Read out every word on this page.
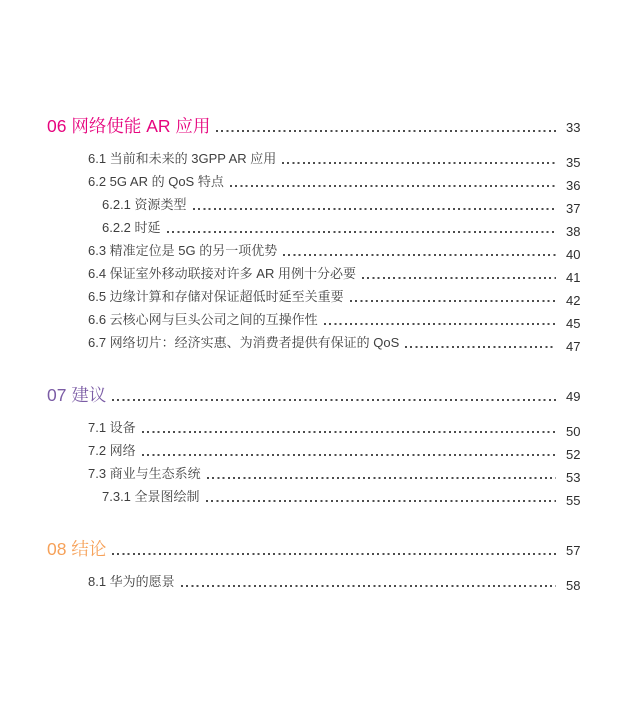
06 网络使能 AR 应用	33
6.1 当前和未来的 3GPP AR 应用	35
6.2 5G AR 的 QoS 特点	36
6.2.1 资源类型	37
6.2.2 时延	38
6.3 精准定位是 5G 的另一项优势	40
6.4 保证室外移动联接对许多 AR 用例十分必要	41
6.5 边缘计算和存储对保证超低时延至关重要	42
6.6 云核心网与巨头公司之间的互操作性	45
6.7 网络切片：经济实惠、为消费者提供有保证的 QoS	47
07 建议	49
7.1 设备	50
7.2 网络	52
7.3 商业与生态系统	53
7.3.1 全景图绘制	55
08 结论	57
8.1 华为的愿景	58
